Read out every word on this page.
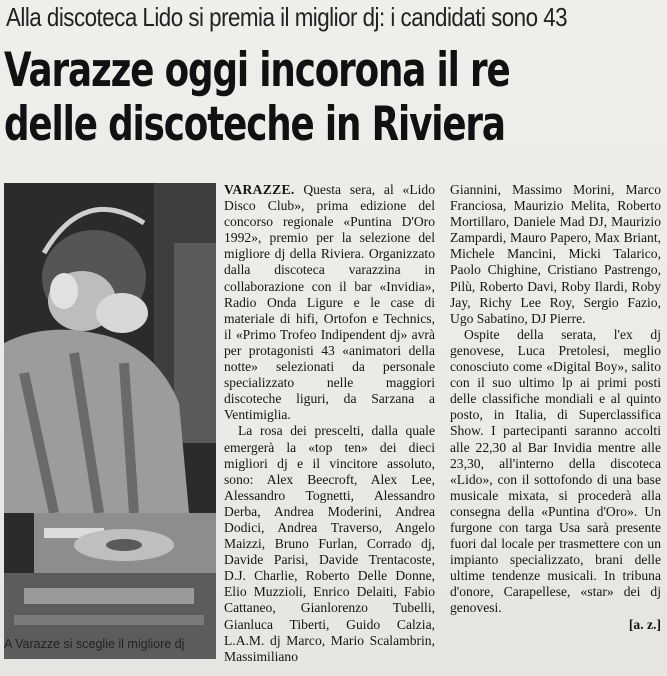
Alla discoteca Lido si premia il miglior dj: i candidati sono 43
Varazze oggi incorona il re
delle discoteche in Riviera
A Varazze si sceglie il migliore dj

VARAZZE. Questa sera, al «Lido Disco Club», prima edizione del concorso regionale «Puntina D'Oro 1992», premio per la selezione del migliore dj della Riviera. Organizzato dalla discoteca varazzina in collaborazione con il bar «Invidia», Radio Onda Ligure e le case di materiale di hifi, Ortofon e Technics, il «Primo Trofeo Indipendent dj» avrà per protagonisti 43 «animatori della notte» selezionati da personale specializzato nelle maggiori discoteche liguri, da Sarzana a Ventimiglia.

La rosa dei prescelti, dalla quale emergerà la «top ten» dei dieci migliori dj e il vincitore assoluto, sono: Alex Beecroft, Alex Lee, Alessandro Tognetti, Alessandro Derba, Andrea Moderini, Andrea Dodici, Andrea Traverso, Angelo Maizzi, Bruno Furlan, Corrado dj, Davide Parisi, Davide Trentacoste, D.J. Charlie, Roberto Delle Donne, Elio Muzzioli, Enrico Delaiti, Fabio Cattaneo, Gianlorenzo Tubelli, Gianluca Tiberti, Guido Calzia, L.A.M. dj Marco, Mario Scalambrin, Massimiliano

Giannini, Massimo Morini, Marco Franciosa, Maurizio Melita, Roberto Mortillaro, Daniele Mad DJ, Maurizio Zampardi, Mauro Papero, Max Briant, Michele Mancini, Micki Talarico, Paolo Chighine, Cristiano Pastrengo, Pilù, Roberto Davi, Roby Ilardi, Roby Jay, Richy Lee Roy, Sergio Fazio, Ugo Sabatino, DJ Pierre.

Ospite della serata, l'ex dj genovese, Luca Pretolesi, meglio conosciuto come «Digital Boy», salito con il suo ultimo lp ai primi posti delle classifiche mondiali e al quinto posto, in Italia, di Superclassifica Show. I partecipanti saranno accolti alle 22,30 al Bar Invidia mentre alle 23,30, all'interno della discoteca «Lido», con il sottofondo di una base musicale mixata, si procederà alla consegna della «Puntina d'Oro». Un furgone con targa Usa sarà presente fuori dal locale per trasmettere con un impianto specializzato, brani delle ultime tendenze musicali. In tribuna d'onore, Carapellese, «star» dei dj genovesi.

[a. z.]
